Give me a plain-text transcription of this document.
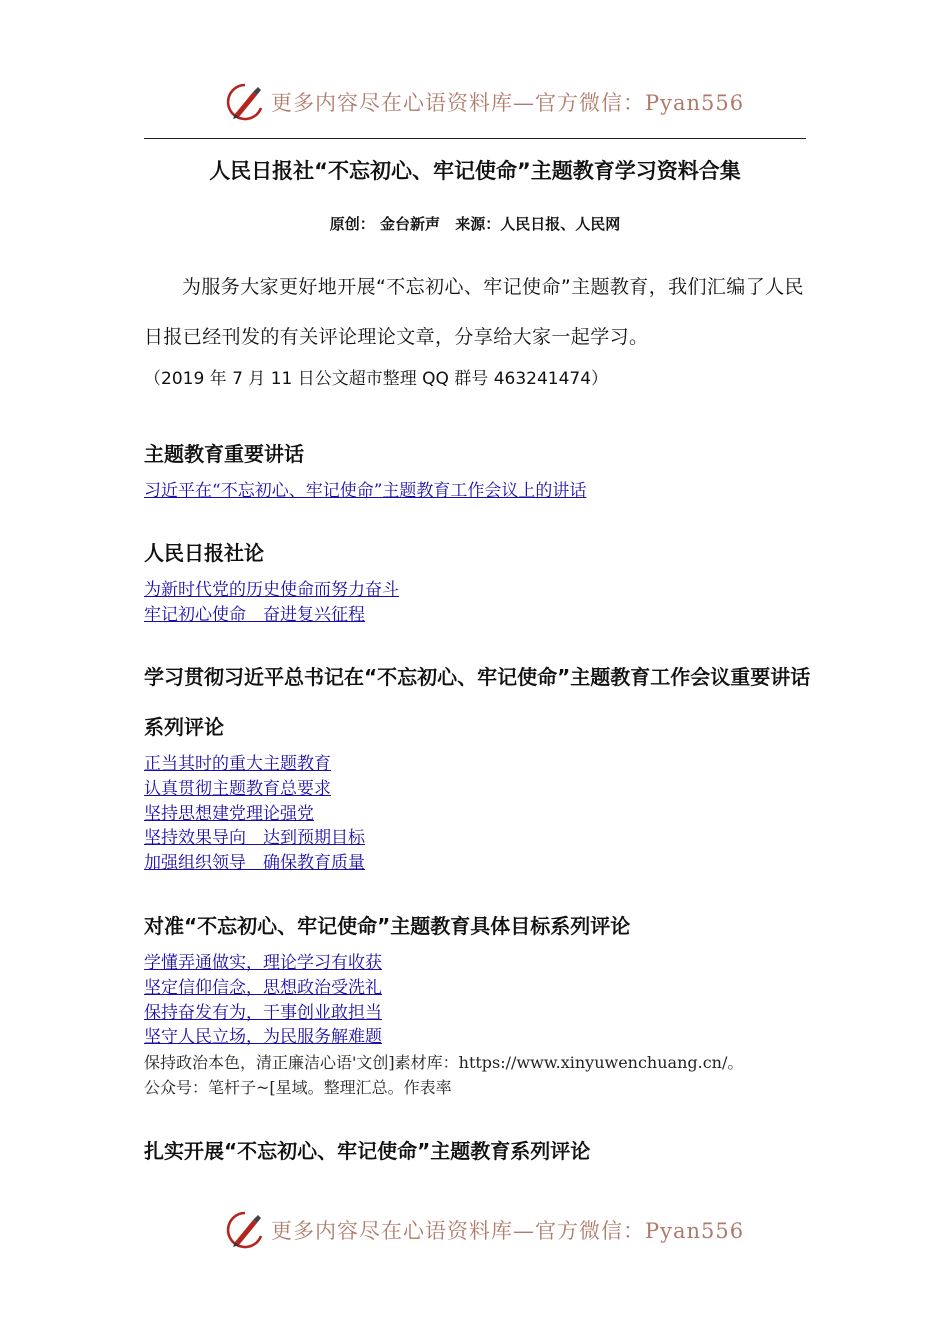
更多内容尽在心语资料库—官方微信：Pyan556
人民日报社“不忘初心、牢记使命”主题教育学习资料合集
原创： 金台新声 来源：人民日报、人民网
为服务大家更好地开展“不忘初心、牢记使命”主题教育，我们汇编了人民日报已经刊发的有关评论理论文章，分享给大家一起学习。
（2019 年 7 月 11 日公文超市整理 QQ 群号 463241474）
主题教育重要讲话
习近平在“不忘初心、牢记使命”主题教育工作会议上的讲话
人民日报社论
为新时代党的历史使命而努力奋斗
牢记初心使命　奋进复兴征程
学习贯彻习近平总书记在“不忘初心、牢记使命”主题教育工作会议重要讲话系列评论
正当其时的重大主题教育
认真贯彻主题教育总要求
坚持思想建党理论强党
坚持效果导向　达到预期目标
加强组织领导　确保教育质量
对准“不忘初心、牢记使命”主题教育具体目标系列评论
学懂弄通做实，理论学习有收获
坚定信仰信念，思想政治受洗礼
保持奋发有为，干事创业敢担当
坚守人民立场，为民服务解难题
保持政治本色，清正廉洁心语'文创]素材库：https://www.xinyuwenchuang.cn/。
公众号：笔杆子~[星域。整理汇总。作表率
扎实开展“不忘初心、牢记使命”主题教育系列评论
更多内容尽在心语资料库—官方微信：Pyan556
